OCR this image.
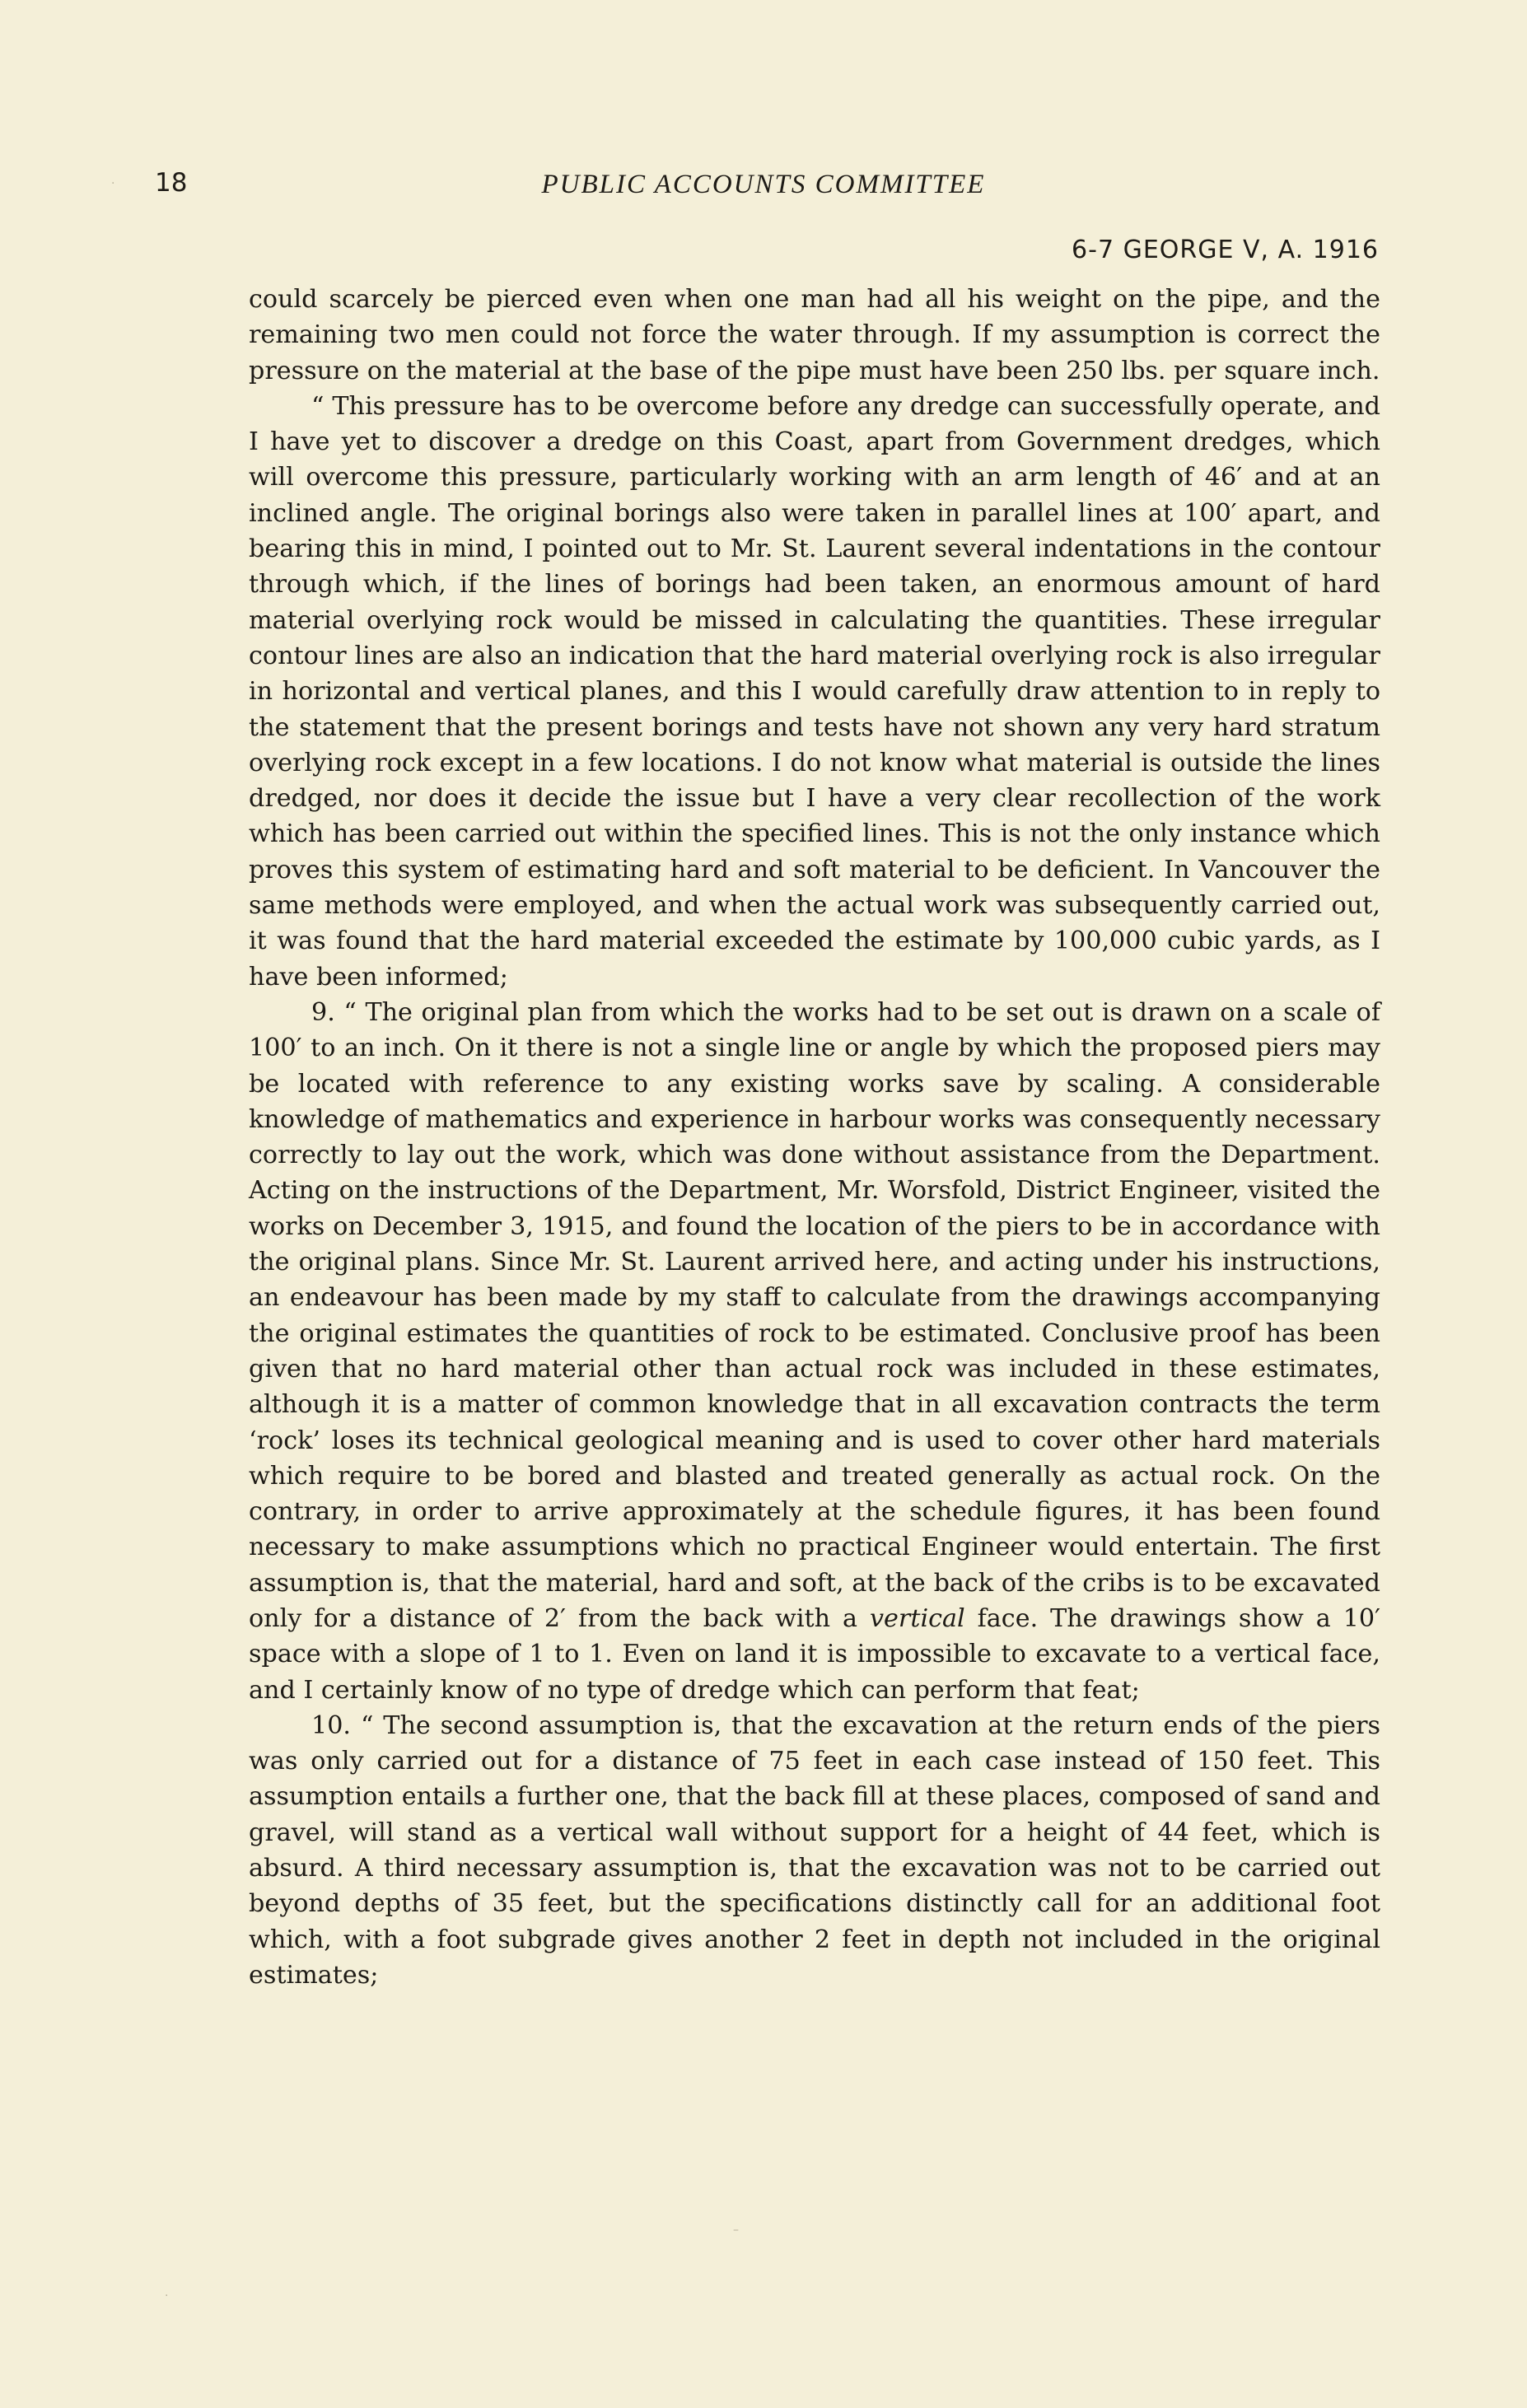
18	PUBLIC ACCOUNTS COMMITTEE
6-7 GEORGE V, A. 1916

could scarcely be pierced even when one man had all his weight on the pipe, and the remaining two men could not force the water through. If my assumption is correct the pressure on the material at the base of the pipe must have been 250 lbs. per square inch.

“ This pressure has to be overcome before any dredge can successfully operate, and I have yet to discover a dredge on this Coast, apart from Government dredges, which will overcome this pressure, particularly working with an arm length of 46′ and at an inclined angle. The original borings also were taken in parallel lines at 100′ apart, and bearing this in mind, I pointed out to Mr. St. Laurent several indentations in the contour through which, if the lines of borings had been taken, an enormous amount of hard material overlying rock would be missed in calculating the quantities. These irregular contour lines are also an indication that the hard material overlying rock is also irregular in horizontal and vertical planes, and this I would carefully draw attention to in reply to the statement that the present borings and tests have not shown any very hard stratum overlying rock except in a few locations. I do not know what material is outside the lines dredged, nor does it decide the issue but I have a very clear recollection of the work which has been carried out within the specified lines. This is not the only instance which proves this system of estimating hard and soft material to be deficient. In Vancouver the same methods were employed, and when the actual work was subsequently carried out, it was found that the hard material exceeded the estimate by 100,000 cubic yards, as I have been informed;

9. “ The original plan from which the works had to be set out is drawn on a scale of 100′ to an inch. On it there is not a single line or angle by which the proposed piers may be located with reference to any existing works save by scaling. A considerable knowledge of mathematics and experience in harbour works was consequently necessary correctly to lay out the work, which was done without assistance from the Department. Acting on the instructions of the Department, Mr. Worsfold, District Engineer, visited the works on December 3, 1915, and found the location of the piers to be in accordance with the original plans. Since Mr. St. Laurent arrived here, and acting under his instructions, an endeavour has been made by my staff to calculate from the drawings accompanying the original estimates the quantities of rock to be estimated. Conclusive proof has been given that no hard material other than actual rock was included in these estimates, although it is a matter of common knowledge that in all excavation contracts the term ‘rock’ loses its technical geological meaning and is used to cover other hard materials which require to be bored and blasted and treated generally as actual rock. On the contrary, in order to arrive approximately at the schedule figures, it has been found necessary to make assumptions which no practical Engineer would entertain. The first assumption is, that the material, hard and soft, at the back of the cribs is to be excavated only for a distance of 2′ from the back with a vertical face. The drawings show a 10′ space with a slope of 1 to 1. Even on land it is impossible to excavate to a vertical face, and I certainly know of no type of dredge which can perform that feat;

10. “ The second assumption is, that the excavation at the return ends of the piers was only carried out for a distance of 75 feet in each case instead of 150 feet. This assumption entails a further one, that the back fill at these places, composed of sand and gravel, will stand as a vertical wall without support for a height of 44 feet, which is absurd. A third necessary assumption is, that the excavation was not to be carried out beyond depths of 35 feet, but the specifications distinctly call for an additional foot which, with a foot subgrade gives another 2 feet in depth not included in the original estimates;

·
·
–
